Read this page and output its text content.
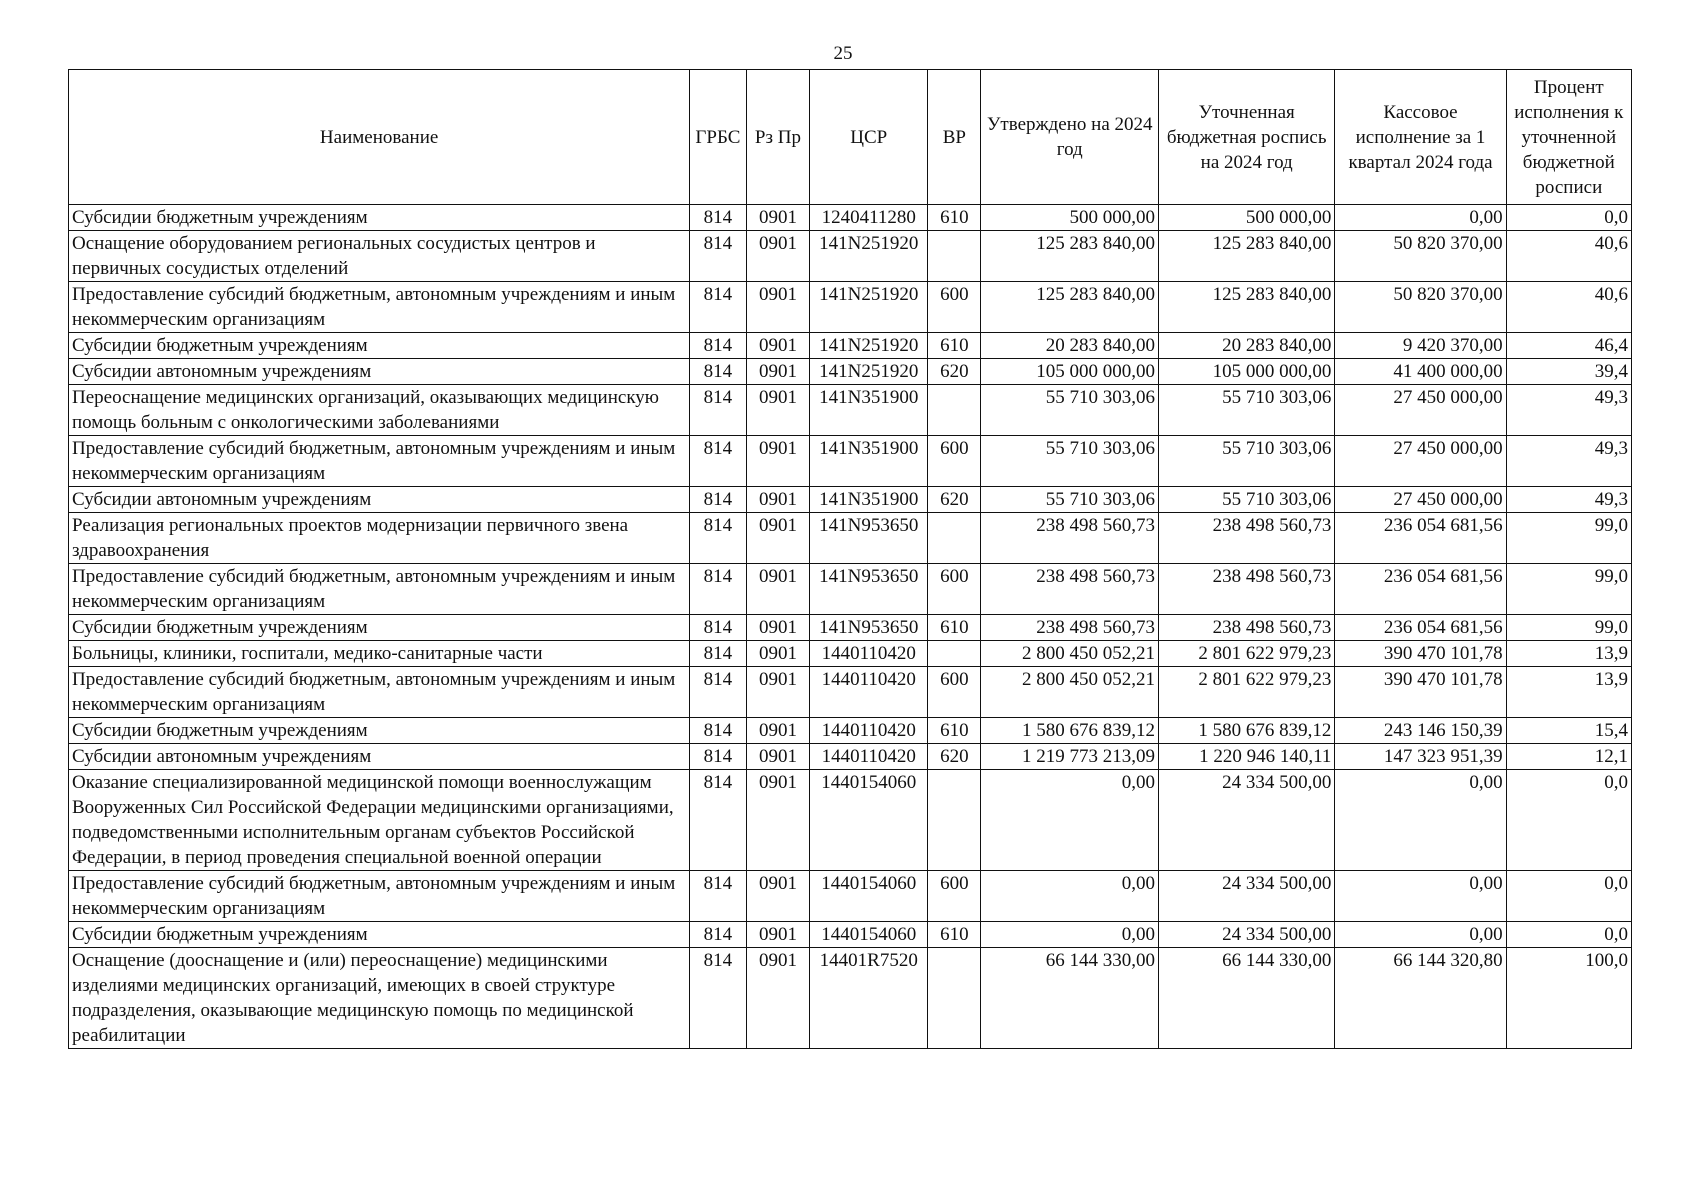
25
Наименование	ГРБС	Рз Пр	ЦСР	ВР	Утверждено на 2024 год	Уточненная бюджетная роспись на 2024 год	Кассовое исполнение за 1 квартал 2024 года	Процент исполнения к уточненной бюджетной росписи
Субсидии бюджетным учреждениям	814	0901	1240411280	610	500 000,00	500 000,00	0,00	0,0
Оснащение оборудованием региональных сосудистых центров и первичных сосудистых отделений	814	0901	141N251920		125 283 840,00	125 283 840,00	50 820 370,00	40,6
Предоставление субсидий бюджетным, автономным учреждениям и иным некоммерческим организациям	814	0901	141N251920	600	125 283 840,00	125 283 840,00	50 820 370,00	40,6
Субсидии бюджетным учреждениям	814	0901	141N251920	610	20 283 840,00	20 283 840,00	9 420 370,00	46,4
Субсидии автономным учреждениям	814	0901	141N251920	620	105 000 000,00	105 000 000,00	41 400 000,00	39,4
Переоснащение медицинских организаций, оказывающих медицинскую помощь больным с онкологическими заболеваниями	814	0901	141N351900		55 710 303,06	55 710 303,06	27 450 000,00	49,3
Предоставление субсидий бюджетным, автономным учреждениям и иным некоммерческим организациям	814	0901	141N351900	600	55 710 303,06	55 710 303,06	27 450 000,00	49,3
Субсидии автономным учреждениям	814	0901	141N351900	620	55 710 303,06	55 710 303,06	27 450 000,00	49,3
Реализация региональных проектов модернизации первичного звена здравоохранения	814	0901	141N953650		238 498 560,73	238 498 560,73	236 054 681,56	99,0
Предоставление субсидий бюджетным, автономным учреждениям и иным некоммерческим организациям	814	0901	141N953650	600	238 498 560,73	238 498 560,73	236 054 681,56	99,0
Субсидии бюджетным учреждениям	814	0901	141N953650	610	238 498 560,73	238 498 560,73	236 054 681,56	99,0
Больницы, клиники, госпитали, медико-санитарные части	814	0901	1440110420		2 800 450 052,21	2 801 622 979,23	390 470 101,78	13,9
Предоставление субсидий бюджетным, автономным учреждениям и иным некоммерческим организациям	814	0901	1440110420	600	2 800 450 052,21	2 801 622 979,23	390 470 101,78	13,9
Субсидии бюджетным учреждениям	814	0901	1440110420	610	1 580 676 839,12	1 580 676 839,12	243 146 150,39	15,4
Субсидии автономным учреждениям	814	0901	1440110420	620	1 219 773 213,09	1 220 946 140,11	147 323 951,39	12,1
Оказание специализированной медицинской помощи военнослужащим Вооруженных Сил Российской Федерации медицинскими организациями, подведомственными исполнительным органам субъектов Российской Федерации, в период проведения специальной военной операции	814	0901	1440154060		0,00	24 334 500,00	0,00	0,0
Предоставление субсидий бюджетным, автономным учреждениям и иным некоммерческим организациям	814	0901	1440154060	600	0,00	24 334 500,00	0,00	0,0
Субсидии бюджетным учреждениям	814	0901	1440154060	610	0,00	24 334 500,00	0,00	0,0
Оснащение (дооснащение и (или) переоснащение) медицинскими изделиями медицинских организаций, имеющих в своей структуре подразделения, оказывающие медицинскую помощь по медицинской реабилитации	814	0901	14401R7520		66 144 330,00	66 144 330,00	66 144 320,80	100,0
